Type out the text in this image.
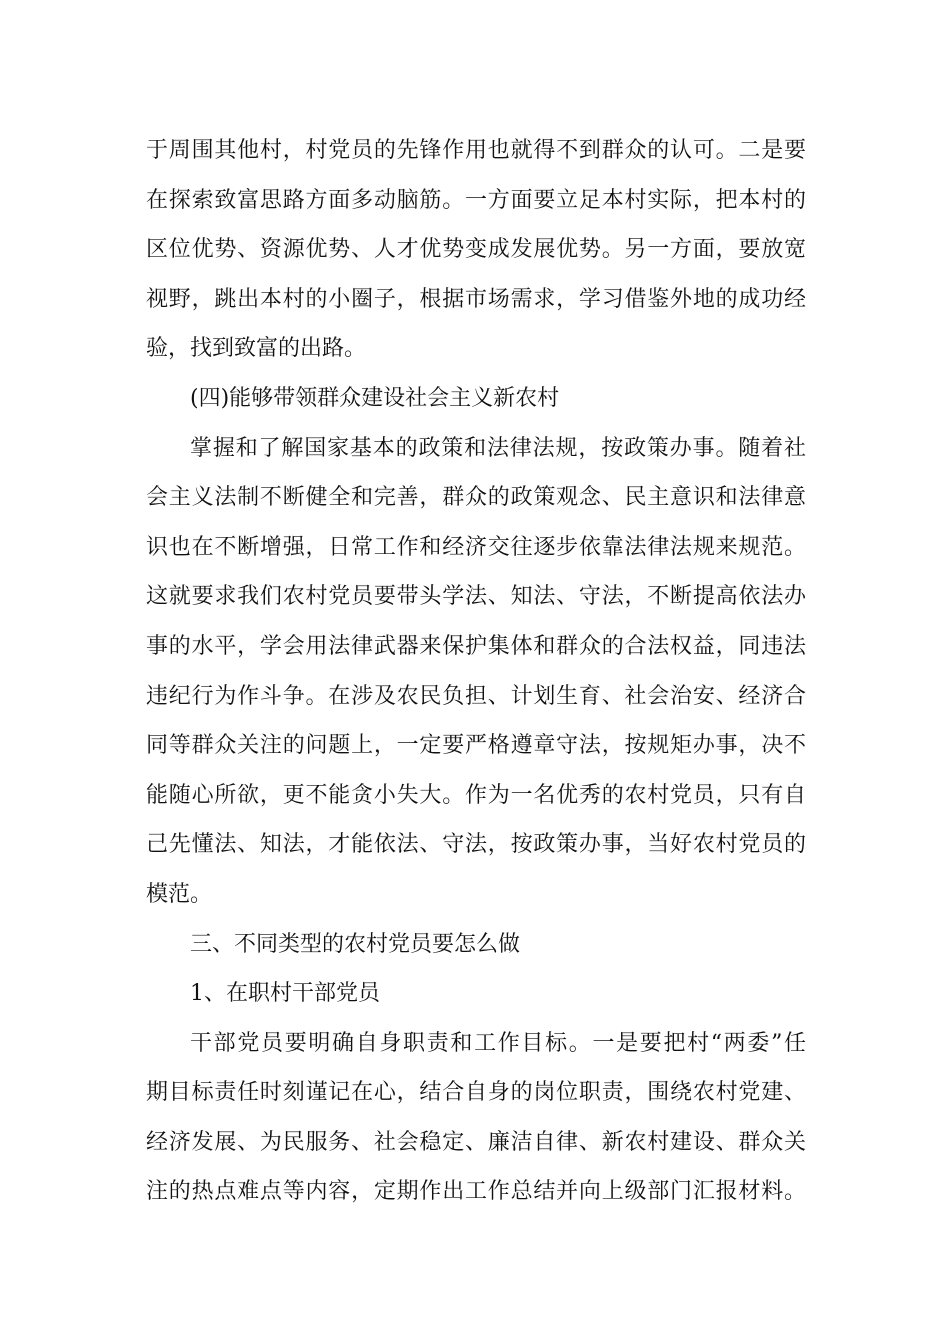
于周围其他村，村党员的先锋作用也就得不到群众的认可。二是要
在探索致富思路方面多动脑筋。一方面要立足本村实际，把本村的
区位优势、资源优势、人才优势变成发展优势。另一方面，要放宽
视野，跳出本村的小圈子，根据市场需求，学习借鉴外地的成功经
验，找到致富的出路。
(四)能够带领群众建设社会主义新农村
掌握和了解国家基本的政策和法律法规，按政策办事。随着社
会主义法制不断健全和完善，群众的政策观念、民主意识和法律意
识也在不断增强，日常工作和经济交往逐步依靠法律法规来规范。
这就要求我们农村党员要带头学法、知法、守法，不断提高依法办
事的水平，学会用法律武器来保护集体和群众的合法权益，同违法
违纪行为作斗争。在涉及农民负担、计划生育、社会治安、经济合
同等群众关注的问题上，一定要严格遵章守法，按规矩办事，决不
能随心所欲，更不能贪小失大。作为一名优秀的农村党员，只有自
己先懂法、知法，才能依法、守法，按政策办事，当好农村党员的
模范。
三、不同类型的农村党员要怎么做
1、在职村干部党员
干部党员要明确自身职责和工作目标。一是要把村“两委”任
期目标责任时刻谨记在心，结合自身的岗位职责，围绕农村党建、
经济发展、为民服务、社会稳定、廉洁自律、新农村建设、群众关
注的热点难点等内容，定期作出工作总结并向上级部门汇报材料。
